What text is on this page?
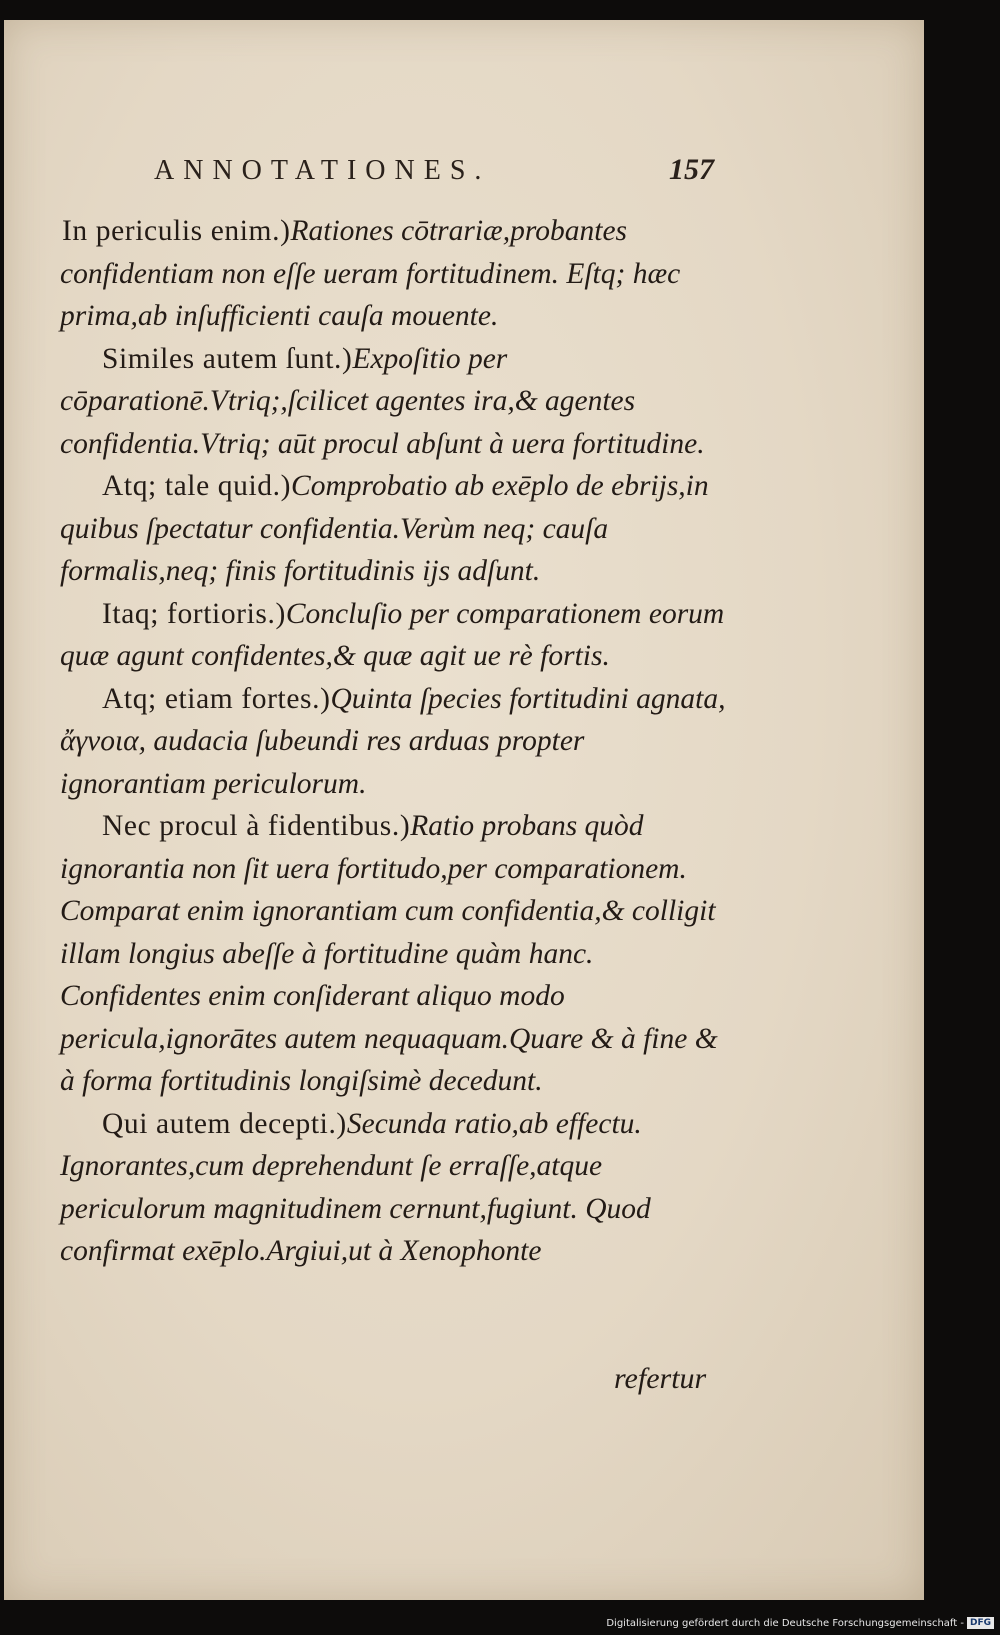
ANNOTATIONES.	157

In periculis enim.)Rationes cōtrariæ,probantes confidentiam non eſſe ueram fortitudinem. Eſtq; hæc prima,ab inſufficienti cauſa mouente.

Similes autem ſunt.)Expoſitio per cōparationē.Vtriq;,ſcilicet agentes ira,& agentes confidentia.Vtriq; aūt procul abſunt à uera fortitudine.

Atq; tale quid.)Comprobatio ab exēplo de ebrijs,in quibus ſpectatur confidentia.Verùm neq; cauſa formalis,neq; finis fortitudinis ijs adſunt.

Itaq; fortioris.)Concluſio per comparationem eorum quæ agunt confidentes,& quæ agit ue rè fortis.

Atq; etiam fortes.)Quinta ſpecies fortitudini agnata, ἄγνοια, audacia ſubeundi res arduas propter ignorantiam periculorum.

Nec procul à fidentibus.)Ratio probans quòd ignorantia non ſit uera fortitudo,per comparationem. Comparat enim ignorantiam cum confidentia,& colligit illam longius abeſſe à fortitudine quàm hanc. Confidentes enim conſiderant aliquo modo pericula,ignorātes autem nequaquam.Quare & à fine & à forma fortitudinis longiſsimè decedunt.

Qui autem decepti.)Secunda ratio,ab effectu. Ignorantes,cum deprehendunt ſe erraſſe,atque periculorum magnitudinem cernunt,fugiunt. Quod confirmat exēplo.Argiui,ut à Xenophonte

refertur
Digitalisierung gefördert durch die Deutsche Forschungsgemeinschaft - DFG
